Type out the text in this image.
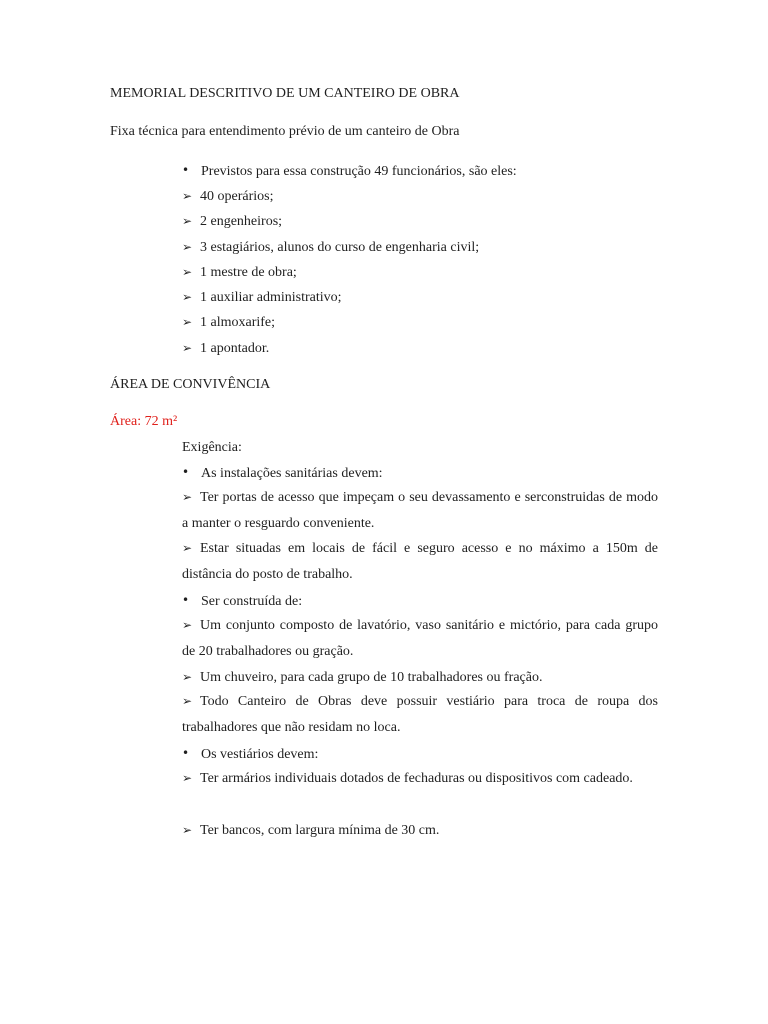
MEMORIAL DESCRITIVO DE UM CANTEIRO DE OBRA
Fixa técnica para entendimento prévio de um canteiro de Obra
• Previstos para essa construção 49 funcionários, são eles:
➢ 40 operários;
➢ 2 engenheiros;
➢ 3 estagiários, alunos do curso de engenharia civil;
➢ 1 mestre de obra;
➢ 1 auxiliar administrativo;
➢ 1 almoxarife;
➢ 1 apontador.
ÁREA DE CONVIVÊNCIA
Área: 72 m²
Exigência:
• As instalações sanitárias devem:
➢ Ter portas de acesso que impeçam o seu devassamento e serconstruidas de modo a manter o resguardo conveniente.
➢ Estar situadas em locais de fácil e seguro acesso e no máximo a 150m de distância do posto de trabalho.
• Ser construída de:
➢ Um conjunto composto de lavatório, vaso sanitário e mictório, para cada grupo de 20 trabalhadores ou gração.
➢ Um chuveiro, para cada grupo de 10 trabalhadores ou fração.
➢ Todo Canteiro de Obras deve possuir vestiário para troca de roupa dos trabalhadores que não residam no loca.
• Os vestiários devem:
➢ Ter armários individuais dotados de fechaduras ou dispositivos com cadeado.
➢ Ter bancos, com largura mínima de 30 cm.
